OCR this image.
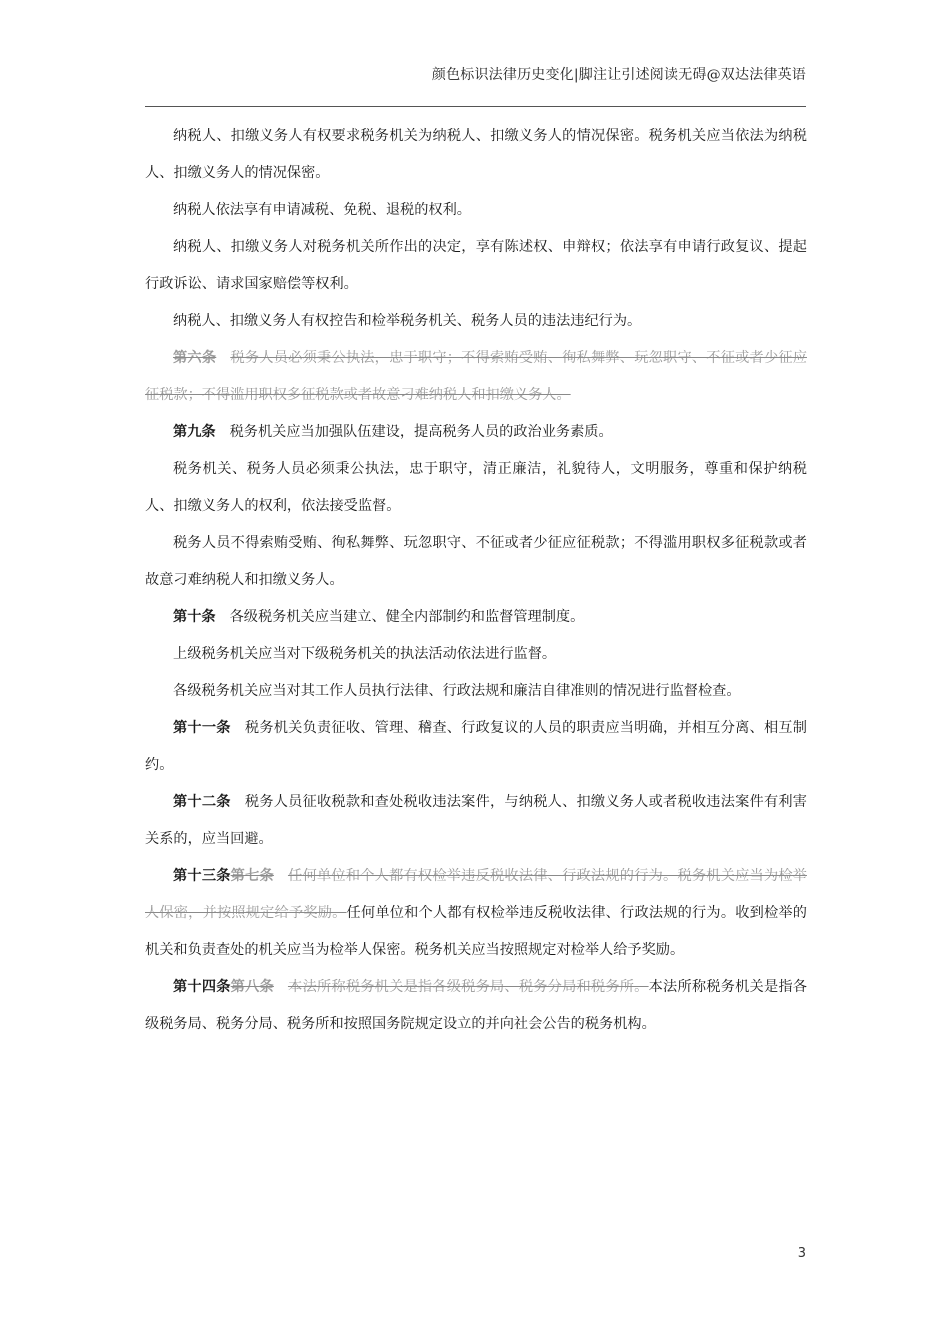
颜色标识法律历史变化|脚注让引述阅读无碍@双达法律英语

纳税人、扣缴义务人有权要求税务机关为纳税人、扣缴义务人的情况保密。税务机关应当依法为纳税人、扣缴义务人的情况保密。

纳税人依法享有申请减税、免税、退税的权利。

纳税人、扣缴义务人对税务机关所作出的决定，享有陈述权、申辩权；依法享有申请行政复议、提起行政诉讼、请求国家赔偿等权利。

纳税人、扣缴义务人有权控告和检举税务机关、税务人员的违法违纪行为。

第六条 税务人员必须秉公执法，忠于职守；不得索贿受贿、徇私舞弊、玩忽职守、不征或者少征应征税款；不得滥用职权多征税款或者故意刁难纳税人和扣缴义务人。

第九条 税务机关应当加强队伍建设，提高税务人员的政治业务素质。

税务机关、税务人员必须秉公执法，忠于职守，清正廉洁，礼貌待人，文明服务，尊重和保护纳税人、扣缴义务人的权利，依法接受监督。

税务人员不得索贿受贿、徇私舞弊、玩忽职守、不征或者少征应征税款；不得滥用职权多征税款或者故意刁难纳税人和扣缴义务人。

第十条 各级税务机关应当建立、健全内部制约和监督管理制度。

上级税务机关应当对下级税务机关的执法活动依法进行监督。

各级税务机关应当对其工作人员执行法律、行政法规和廉洁自律准则的情况进行监督检查。

第十一条 税务机关负责征收、管理、稽查、行政复议的人员的职责应当明确，并相互分离、相互制约。

第十二条 税务人员征收税款和查处税收违法案件，与纳税人、扣缴义务人或者税收违法案件有利害关系的，应当回避。

第十三条第七条 任何单位和个人都有权检举违反税收法律、行政法规的行为。税务机关应当为检举人保密，并按照规定给予奖励。任何单位和个人都有权检举违反税收法律、行政法规的行为。收到检举的机关和负责查处的机关应当为检举人保密。税务机关应当按照规定对检举人给予奖励。

第十四条第八条 本法所称税务机关是指各级税务局、税务分局和税务所。本法所称税务机关是指各级税务局、税务分局、税务所和按照国务院规定设立的并向社会公告的税务机构。

3
